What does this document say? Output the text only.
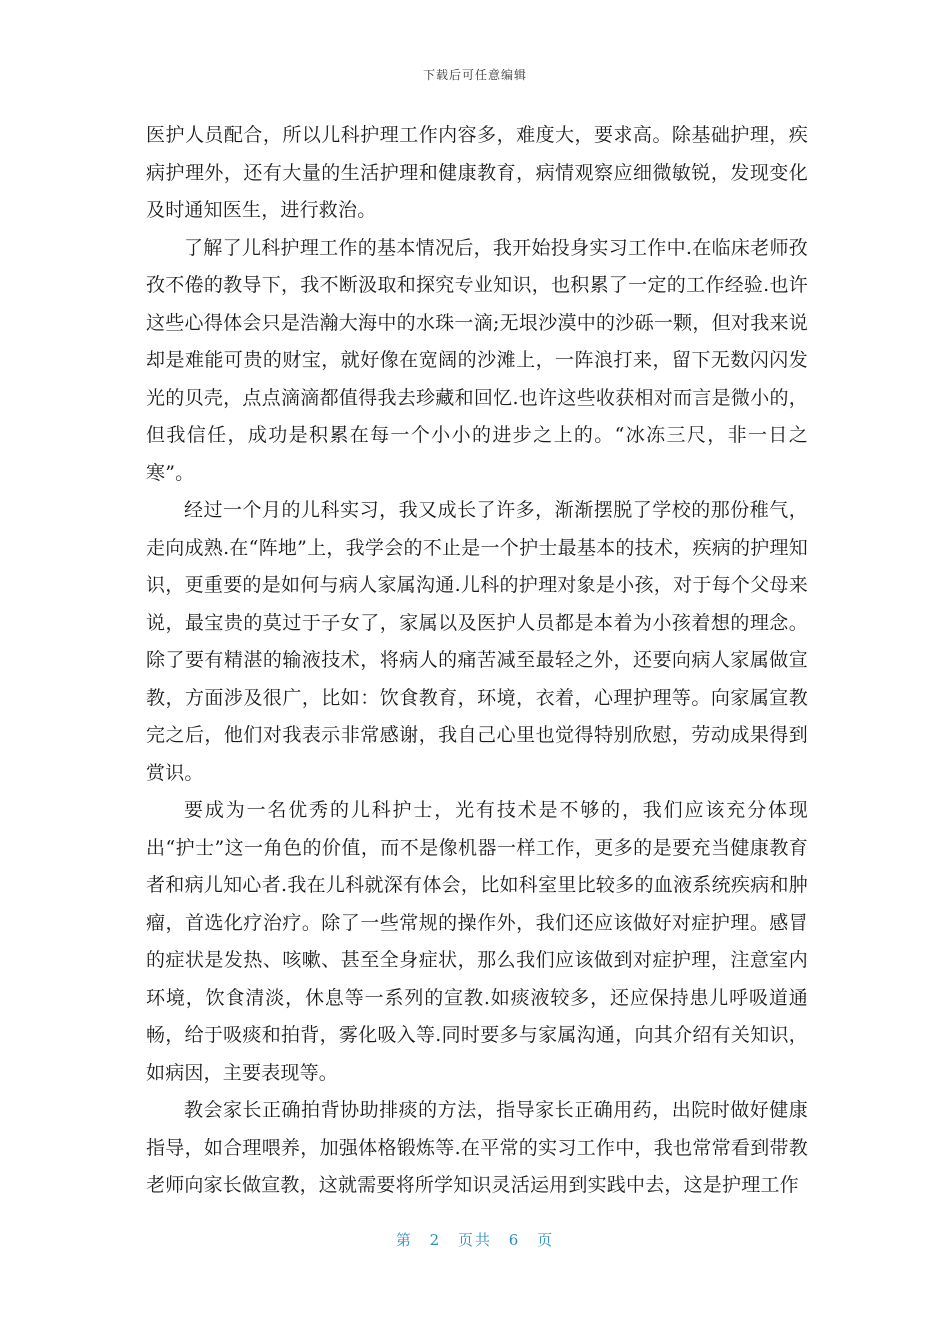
下载后可任意编辑

医护人员配合，所以儿科护理工作内容多，难度大，要求高。除基础护理，疾病护理外，还有大量的生活护理和健康教育，病情观察应细微敏锐，发现变化及时通知医生，进行救治。

了解了儿科护理工作的基本情况后，我开始投身实习工作中.在临床老师孜孜不倦的教导下，我不断汲取和探究专业知识，也积累了一定的工作经验.也许这些心得体会只是浩瀚大海中的水珠一滴;无垠沙漠中的沙砾一颗，但对我来说却是难能可贵的财宝，就好像在宽阔的沙滩上，一阵浪打来，留下无数闪闪发光的贝壳，点点滴滴都值得我去珍藏和回忆.也许这些收获相对而言是微小的，但我信任，成功是积累在每一个小小的进步之上的。“冰冻三尺，非一日之寒”。

经过一个月的儿科实习，我又成长了许多，渐渐摆脱了学校的那份稚气，走向成熟.在“阵地”上，我学会的不止是一个护士最基本的技术，疾病的护理知识，更重要的是如何与病人家属沟通.儿科的护理对象是小孩，对于每个父母来说，最宝贵的莫过于子女了，家属以及医护人员都是本着为小孩着想的理念。除了要有精湛的输液技术，将病人的痛苦减至最轻之外，还要向病人家属做宣教，方面涉及很广，比如：饮食教育，环境，衣着，心理护理等。向家属宣教完之后，他们对我表示非常感谢，我自己心里也觉得特别欣慰，劳动成果得到赏识。

要成为一名优秀的儿科护士，光有技术是不够的，我们应该充分体现出“护士”这一角色的价值，而不是像机器一样工作，更多的是要充当健康教育者和病儿知心者.我在儿科就深有体会，比如科室里比较多的血液系统疾病和肿瘤，首选化疗治疗。除了一些常规的操作外，我们还应该做好对症护理。感冒的症状是发热、咳嗽、甚至全身症状，那么我们应该做到对症护理，注意室内环境，饮食清淡，休息等一系列的宣教.如痰液较多，还应保持患儿呼吸道通畅，给于吸痰和拍背，雾化吸入等.同时要多与家属沟通，向其介绍有关知识，如病因，主要表现等。

教会家长正确拍背协助排痰的方法，指导家长正确用药，出院时做好健康指导，如合理喂养，加强体格锻炼等.在平常的实习工作中，我也常常看到带教老师向家长做宣教，这就需要将所学知识灵活运用到实践中去，这是护理工作

第 2 页共 6 页
